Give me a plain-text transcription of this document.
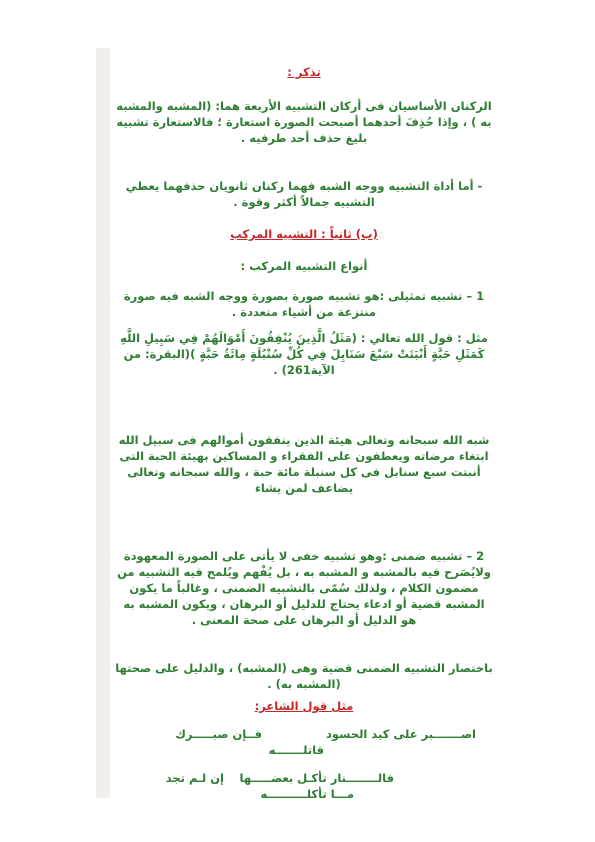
تذكر :

الركنان الأساسيان فى أركان التشبيه الأربعة هما: (المشبه والمشبه به ) ، وإذا حُذِفَ أحدهما أصبحت الصورة استعارة ؛ فالاستعارة تشبيه بليغ حذف أحد طرفيه .

- أما أداة التشبيه ووجه الشبه فهما ركنان ثانويان حذفهما يعطي التشبيه جمالاً أكثر وقوة .

(ب) ثانياً : التشبيه المركب

أنواع التشبيه المركب :

1 – تشبيه تمثيلى :هو تشبيه صورة بصورة ووجه الشبه فيه صورة منتزعة من أشياء متعددة .

مثل : قول الله تعالي : (مَثَلُ الَّذِينَ يُنْفِقُونَ أَمْوَالَهُمْ فِي سَبِيلِ اللَّهِ كَمَثَلِ حَبَّةٍ أَنْبَتَتْ سَبْعَ سَنَابِلَ فِي كُلِّ سُنْبُلَةٍ مِائَةُ حَبَّةٍ )(البقرة: من الآية261) .

شبه الله سبحانه وتعالى هيئة الذين ينفقون أموالهم فى سبيل الله ابتغاء مرضاته ويعطفون على الفقراء و المساكين بهيئة الحبة التى أنبتت سبع سنابل فى كل سنبلة مائة حبة ، والله سبحانه وتعالى يضاعف لمن يشاء

2 – تشبيه ضمنى :وهو تشبيه خفى لا يأتى على الصورة المعهودة ولايُصَرح فيه بالمشبه و المشبه به ، بل يُفْهم ويُلمح فيه التشبيه من مضمون الكلام ، ولذلك سُمّى بالتشبيه الضمنى ، وغالباً ما يكون المشبه قضية أو ادعاء يحتاج للدليل أو البرهان ، ويكون المشبه به هو الدليل أو البرهان على صحة المعنى .

باختصار التشبيه الضمنى قضية وهى (المشبه) ، والدليل على صحتها (المشبه به) .

مثل قول الشاعر:

اصـــــــبر على كيد الحسود
فــإن صبـــــرك
قاتلـــــــه
فالــــــــنار تأكـل بعضـــــها
إن لـم تجد
مـــا تأكلــــــــــه
